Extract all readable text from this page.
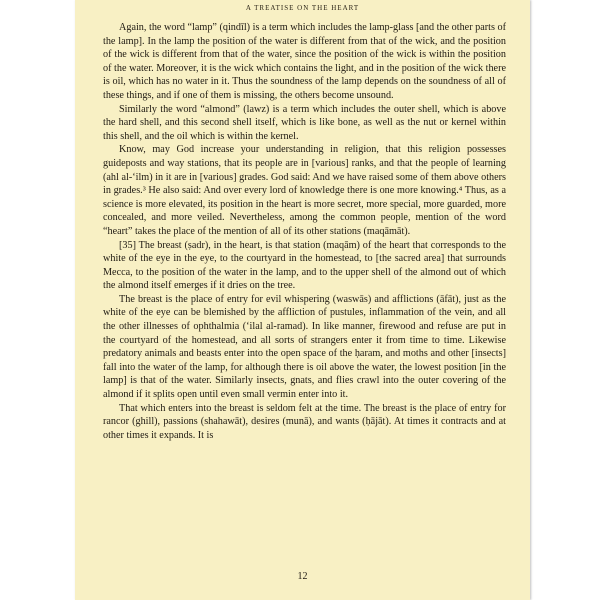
A TREATISE ON THE HEART

Again, the word “lamp” (qindīl) is a term which includes the lamp-glass [and the other parts of the lamp]. In the lamp the position of the water is different from that of the wick, and the position of the wick is different from that of the water, since the position of the wick is within the position of the water. Moreover, it is the wick which contains the light, and in the position of the wick there is oil, which has no water in it. Thus the soundness of the lamp depends on the soundness of all of these things, and if one of them is missing, the others become unsound.

Similarly the word “almond” (lawz) is a term which includes the outer shell, which is above the hard shell, and this second shell itself, which is like bone, as well as the nut or kernel within this shell, and the oil which is within the kernel.

Know, may God increase your understanding in religion, that this religion possesses guideposts and way stations, that its people are in [various] ranks, and that the people of learning (ahl al-‘ilm) in it are in [various] grades. God said: And we have raised some of them above others in grades.³ He also said: And over every lord of knowledge there is one more knowing.⁴ Thus, as a science is more elevated, its position in the heart is more secret, more special, more guarded, more concealed, and more veiled. Nevertheless, among the common people, mention of the word “heart” takes the place of the mention of all of its other stations (maqāmāt).

[35] The breast (ṣadr), in the heart, is that station (maqām) of the heart that corresponds to the white of the eye in the eye, to the courtyard in the homestead, to [the sacred area] that surrounds Mecca, to the position of the water in the lamp, and to the upper shell of the almond out of which the almond itself emerges if it dries on the tree.

The breast is the place of entry for evil whispering (waswās) and afflictions (āfāt), just as the white of the eye can be blemished by the affliction of pustules, inflammation of the vein, and all the other illnesses of ophthalmia (‘ilal al-ramad). In like manner, firewood and refuse are put in the courtyard of the homestead, and all sorts of strangers enter it from time to time. Likewise predatory animals and beasts enter into the open space of the ḥaram, and moths and other [insects] fall into the water of the lamp, for although there is oil above the water, the lowest position [in the lamp] is that of the water. Similarly insects, gnats, and flies crawl into the outer covering of the almond if it splits open until even small vermin enter into it.

That which enters into the breast is seldom felt at the time. The breast is the place of entry for rancor (ghill), passions (shahawāt), desires (munā), and wants (ḥājāt). At times it contracts and at other times it expands. It is

12
